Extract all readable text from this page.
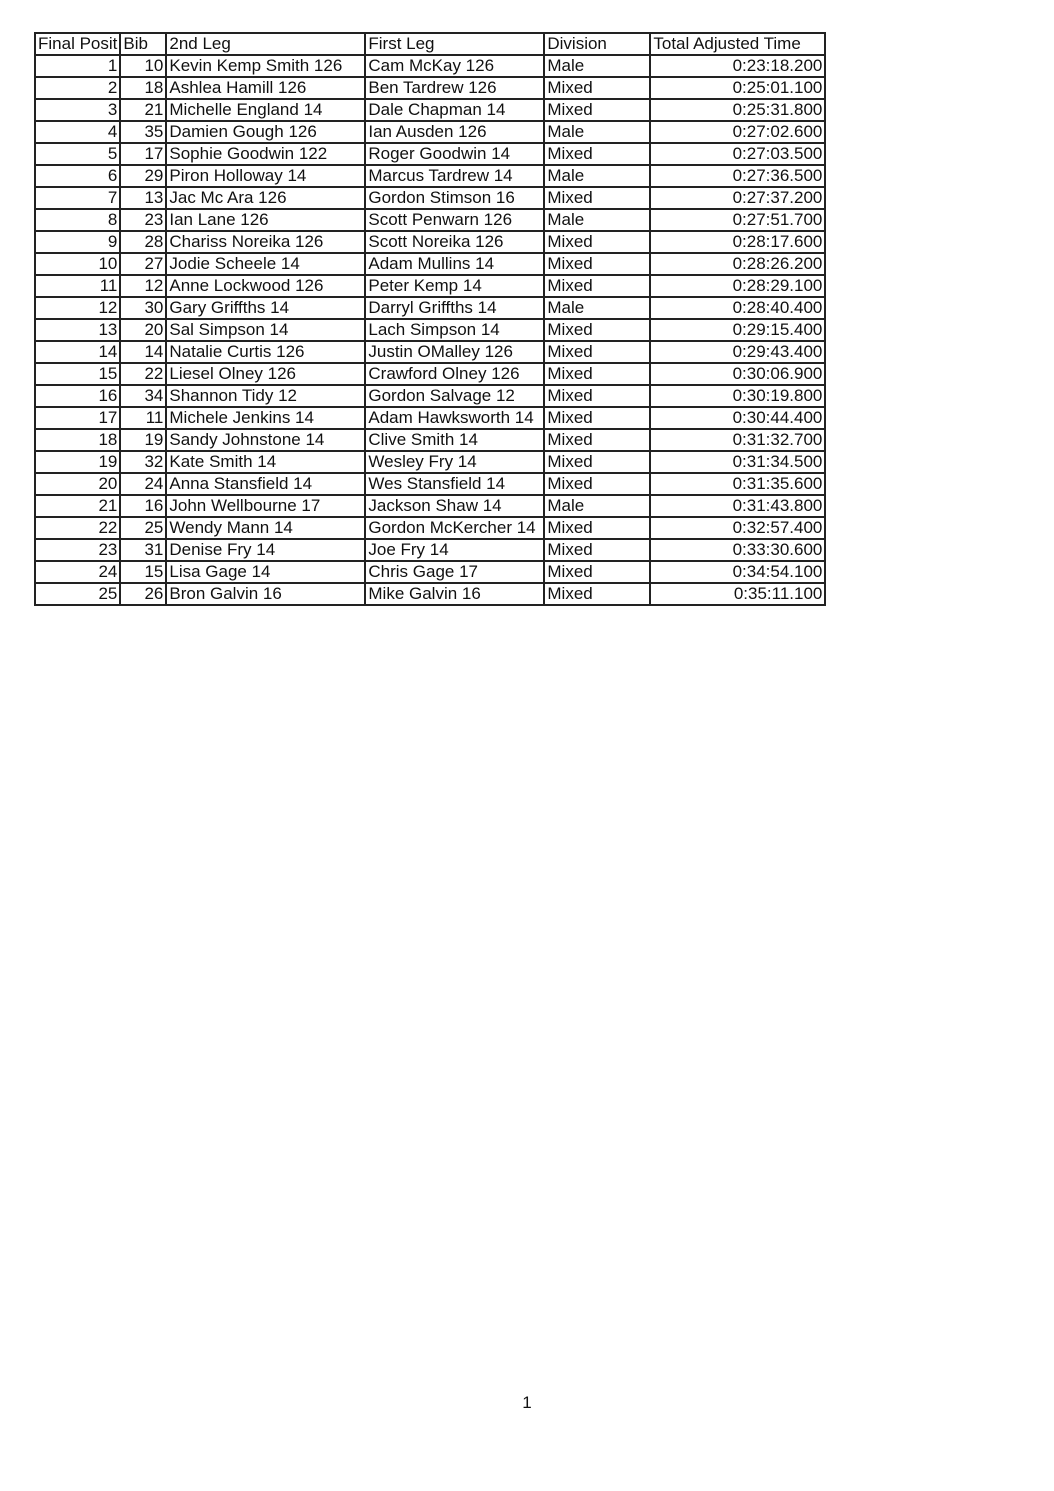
Final Posit	Bib	2nd Leg	First Leg	Division	Total Adjusted Time
1	10	Kevin Kemp Smith 126	Cam McKay 126	Male	0:23:18.200
2	18	Ashlea Hamill 126	Ben Tardrew 126	Mixed	0:25:01.100
3	21	Michelle England 14	Dale Chapman 14	Mixed	0:25:31.800
4	35	Damien Gough 126	Ian Ausden 126	Male	0:27:02.600
5	17	Sophie Goodwin 122	Roger Goodwin 14	Mixed	0:27:03.500
6	29	Piron Holloway 14	Marcus Tardrew 14	Male	0:27:36.500
7	13	Jac Mc Ara 126	Gordon Stimson 16	Mixed	0:27:37.200
8	23	Ian Lane 126	Scott Penwarn 126	Male	0:27:51.700
9	28	Chariss Noreika 126	Scott Noreika 126	Mixed	0:28:17.600
10	27	Jodie Scheele 14	Adam Mullins 14	Mixed	0:28:26.200
11	12	Anne Lockwood 126	Peter Kemp 14	Mixed	0:28:29.100
12	30	Gary Griffths 14	Darryl Griffths 14	Male	0:28:40.400
13	20	Sal Simpson 14	Lach Simpson 14	Mixed	0:29:15.400
14	14	Natalie Curtis 126	Justin OMalley 126	Mixed	0:29:43.400
15	22	Liesel Olney 126	Crawford Olney 126	Mixed	0:30:06.900
16	34	Shannon Tidy 12	Gordon Salvage 12	Mixed	0:30:19.800
17	11	Michele Jenkins 14	Adam Hawksworth 14	Mixed	0:30:44.400
18	19	Sandy Johnstone 14	Clive Smith 14	Mixed	0:31:32.700
19	32	Kate Smith 14	Wesley Fry 14	Mixed	0:31:34.500
20	24	Anna Stansfield 14	Wes Stansfield 14	Mixed	0:31:35.600
21	16	John Wellbourne 17	Jackson Shaw 14	Male	0:31:43.800
22	25	Wendy Mann 14	Gordon McKercher 14	Mixed	0:32:57.400
23	31	Denise Fry 14	Joe Fry 14	Mixed	0:33:30.600
24	15	Lisa Gage 14	Chris Gage 17	Mixed	0:34:54.100
25	26	Bron Galvin 16	Mike Galvin 16	Mixed	0:35:11.100
1
